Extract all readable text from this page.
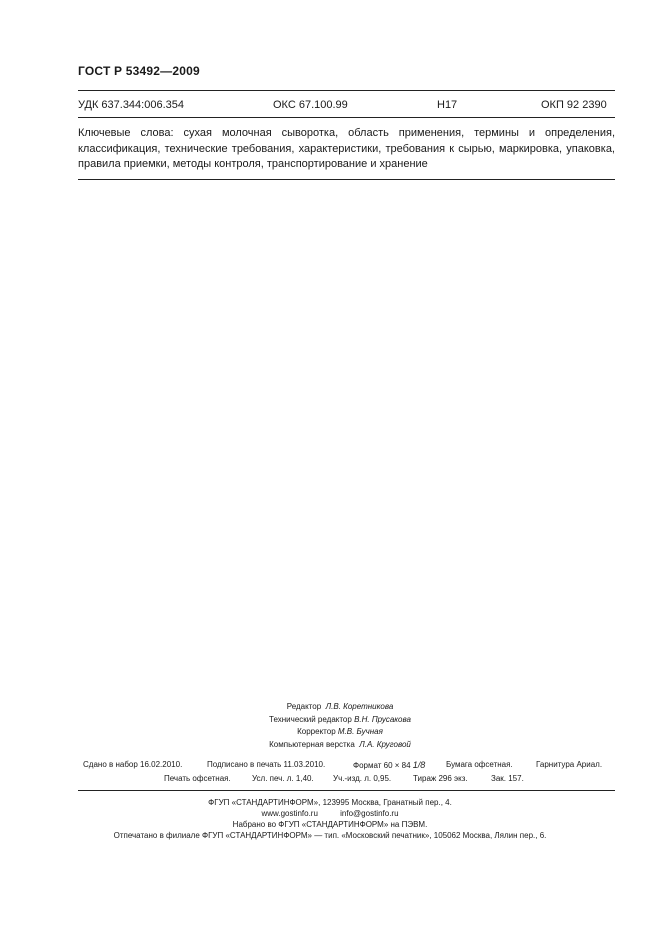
ГОСТ Р 53492—2009
УДК 637.344:006.354	ОКС 67.100.99	Н17	ОКП 92 2390
Ключевые слова: сухая молочная сыворотка, область применения, термины и определения, классификация, технические требования, характеристики, требования к сырью, маркировка, упаковка, правила приемки, методы контроля, транспортирование и хранение
Редактор Л.В. Коретникова
Технический редактор В.Н. Прусакова
Корректор М.В. Бучная
Компьютерная верстка Л.А. Круговой
Сдано в набор 16.02.2010.	Подписано в печать 11.03.2010.	Формат 60 × 84 1/8	Бумага офсетная.	Гарнитура Ариал.
Печать офсетная.	Усл. печ. л. 1,40. Уч.-изд. л. 0,95.	Тираж 296 экз.	Зак. 157.
ФГУП «СТАНДАРТИНФОРМ», 123995 Москва, Гранатный пер., 4.
www.gostinfo.ru          info@gostinfo.ru
Набрано во ФГУП «СТАНДАРТИНФОРМ» на ПЭВМ.
Отпечатано в филиале ФГУП «СТАНДАРТИНФОРМ» — тип. «Московский печатник», 105062 Москва, Лялин пер., 6.
